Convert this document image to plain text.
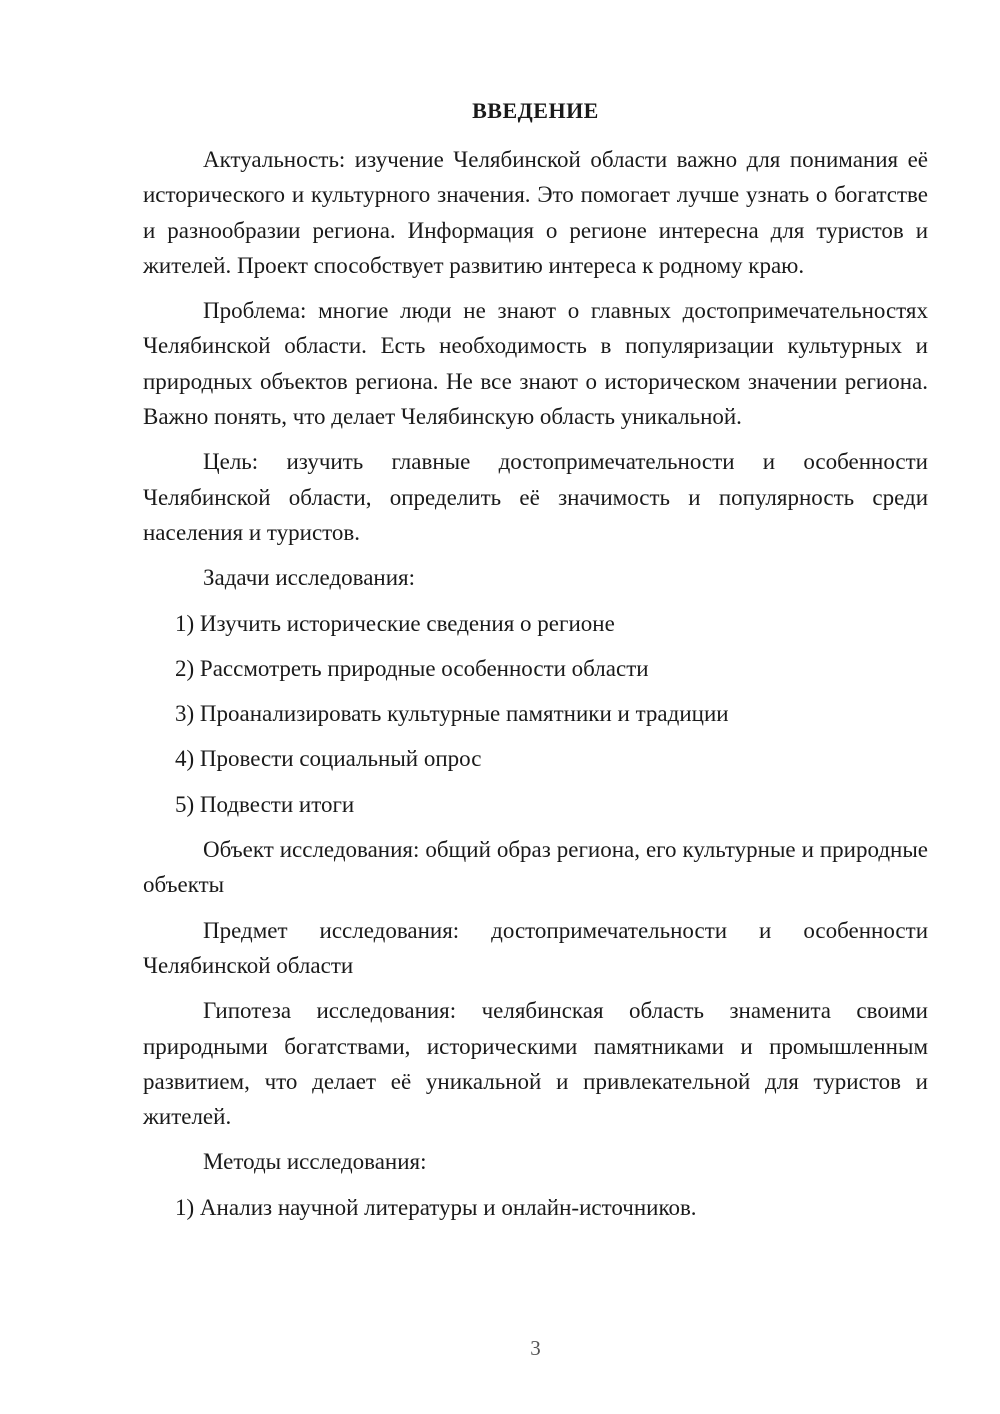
ВВЕДЕНИЕ

Актуальность: изучение Челябинской области важно для понимания её исторического и культурного значения. Это помогает лучше узнать о богатстве и разнообразии региона. Информация о регионе интересна для туристов и жителей. Проект способствует развитию интереса к родному краю.

Проблема: многие люди не знают о главных достопримечательностях Челябинской области. Есть необходимость в популяризации культурных и природных объектов региона. Не все знают о историческом значении региона. Важно понять, что делает Челябинскую область уникальной.

Цель: изучить главные достопримечательности и особенности Челябинской области, определить её значимость и популярность среди населения и туристов.

Задачи исследования:

1) Изучить исторические сведения о регионе
2) Рассмотреть природные особенности области
3) Проанализировать культурные памятники и традиции
4) Провести социальный опрос
5) Подвести итоги

Объект исследования: общий образ региона, его культурные и природные объекты

Предмет исследования: достопримечательности и особенности Челябинской области

Гипотеза исследования: челябинская область знаменита своими природными богатствами, историческими памятниками и промышленным развитием, что делает её уникальной и привлекательной для туристов и жителей.

Методы исследования:

1) Анализ научной литературы и онлайн-источников.
3
